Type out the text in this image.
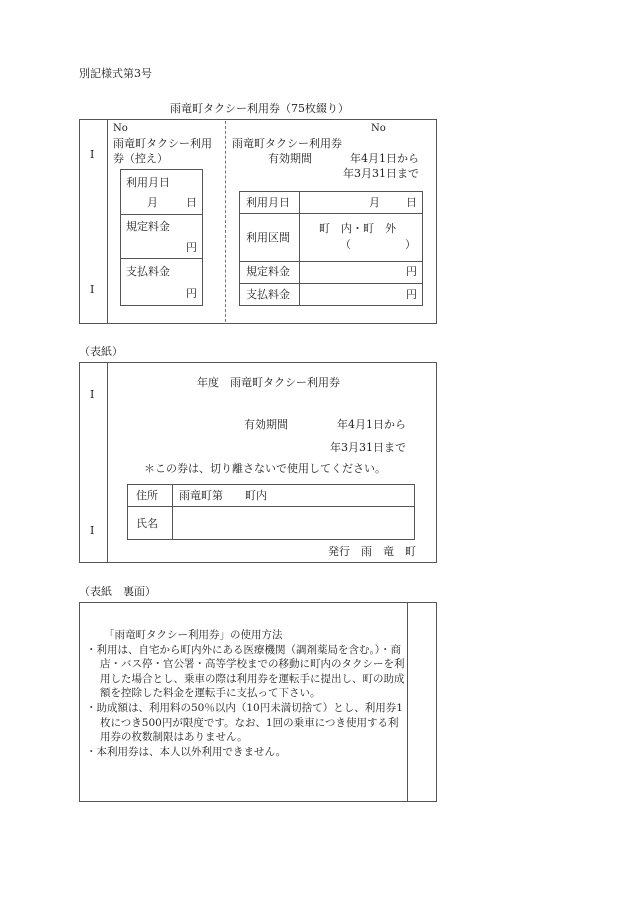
別記様式第3号
雨竜町タクシー利用券（75枚綴り）
I
I
No
雨竜町タクシー利用
券（控え）
利用月日
月	日
規定料金
円
支払料金
円
No
雨竜町タクシー利用券
有効期間	年4月1日から
年3月31日まで
利用月日	月 日
利用区間
町　内・町　外
（	）
規定料金	円
支払料金	円
（表紙）
I
I
年度　雨竜町タクシー利用券
有効期間	年4月1日から
年3月31日まで
＊この券は、切り離さないで使用してください。
住所 雨竜町第　　町内
氏名
発行　雨　竜　町
（表紙　裏面）
「雨竜町タクシー利用券」の使用方法
・利用は、自宅から町内外にある医療機関（調剤薬局を含む。）・商店・バス停・官公署・高等学校までの移動に町内のタクシーを利用した場合とし、乗車の際は利用券を運転手に提出し、町の助成額を控除した料金を運転手に支払って下さい。
・助成額は、利用料の50％以内（10円未満切捨て）とし、利用券1枚につき500円が限度です。なお、1回の乗車につき使用する利用券の枚数制限はありません。
・本利用券は、本人以外利用できません。
